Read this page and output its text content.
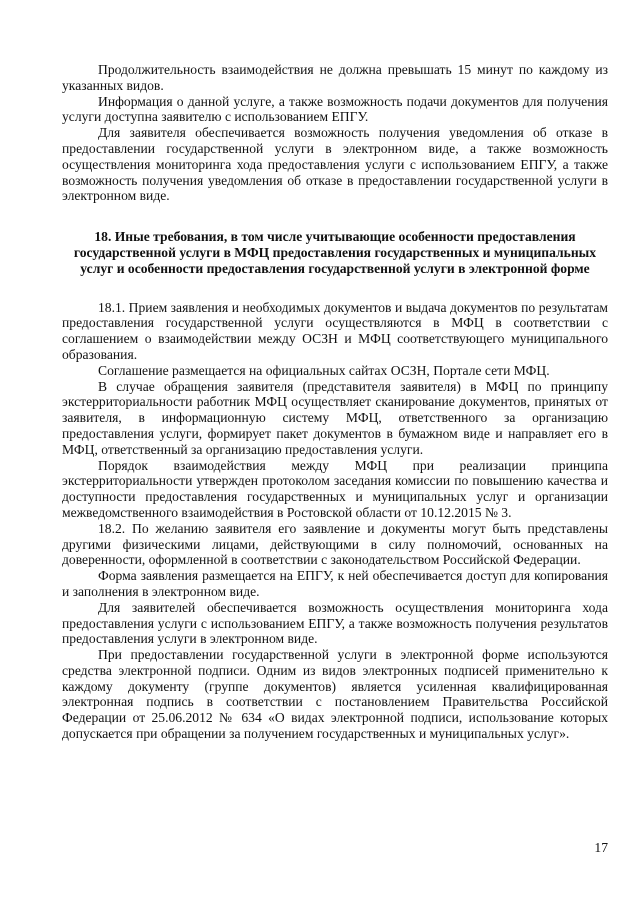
Продолжительность взаимодействия не должна превышать 15 минут по каждому из указанных видов.

Информация о данной услуге, а также возможность подачи документов для получения услуги доступна заявителю с использованием ЕПГУ.

Для заявителя обеспечивается возможность получения уведомления об отказе в предоставлении государственной услуги в электронном виде, а также возможность осуществления мониторинга хода предоставления услуги с использованием ЕПГУ, а также возможность получения уведомления об отказе в предоставлении государственной услуги в электронном виде.

18. Иные требования, в том числе учитывающие особенности предоставления государственной услуги в МФЦ предоставления государственных и муниципальных услуг и особенности предоставления государственной услуги в электронной форме

18.1. Прием заявления и необходимых документов и выдача документов по результатам предоставления государственной услуги осуществляются в МФЦ в соответствии с соглашением о взаимодействии между ОСЗН и МФЦ соответствующего муниципального образования.

Соглашение размещается на официальных сайтах ОСЗН, Портале сети МФЦ.

В случае обращения заявителя (представителя заявителя) в МФЦ по принципу экстерриториальности работник МФЦ осуществляет сканирование документов, принятых от заявителя, в информационную систему МФЦ, ответственного за организацию предоставления услуги, формирует пакет документов в бумажном виде и направляет его в МФЦ, ответственный за организацию предоставления услуги.

Порядок взаимодействия между МФЦ при реализации принципа экстерриториальности утвержден протоколом заседания комиссии по повышению качества и доступности предоставления государственных и муниципальных услуг и организации межведомственного взаимодействия в Ростовской области от 10.12.2015 № 3.

18.2. По желанию заявителя его заявление и документы могут быть представлены другими физическими лицами, действующими в силу полномочий, основанных на доверенности, оформленной в соответствии с законодательством Российской Федерации.

Форма заявления размещается на ЕПГУ, к ней обеспечивается доступ для копирования и заполнения в электронном виде.

Для заявителей обеспечивается возможность осуществления мониторинга хода предоставления услуги с использованием ЕПГУ, а также возможность получения результатов предоставления услуги в электронном виде.

При предоставлении государственной услуги в электронной форме используются средства электронной подписи. Одним из видов электронных подписей применительно к каждому документу (группе документов) является усиленная квалифицированная электронная подпись в соответствии с постановлением Правительства Российской Федерации от 25.06.2012 № 634 «О видах электронной подписи, использование которых допускается при обращении за получением государственных и муниципальных услуг».

17
